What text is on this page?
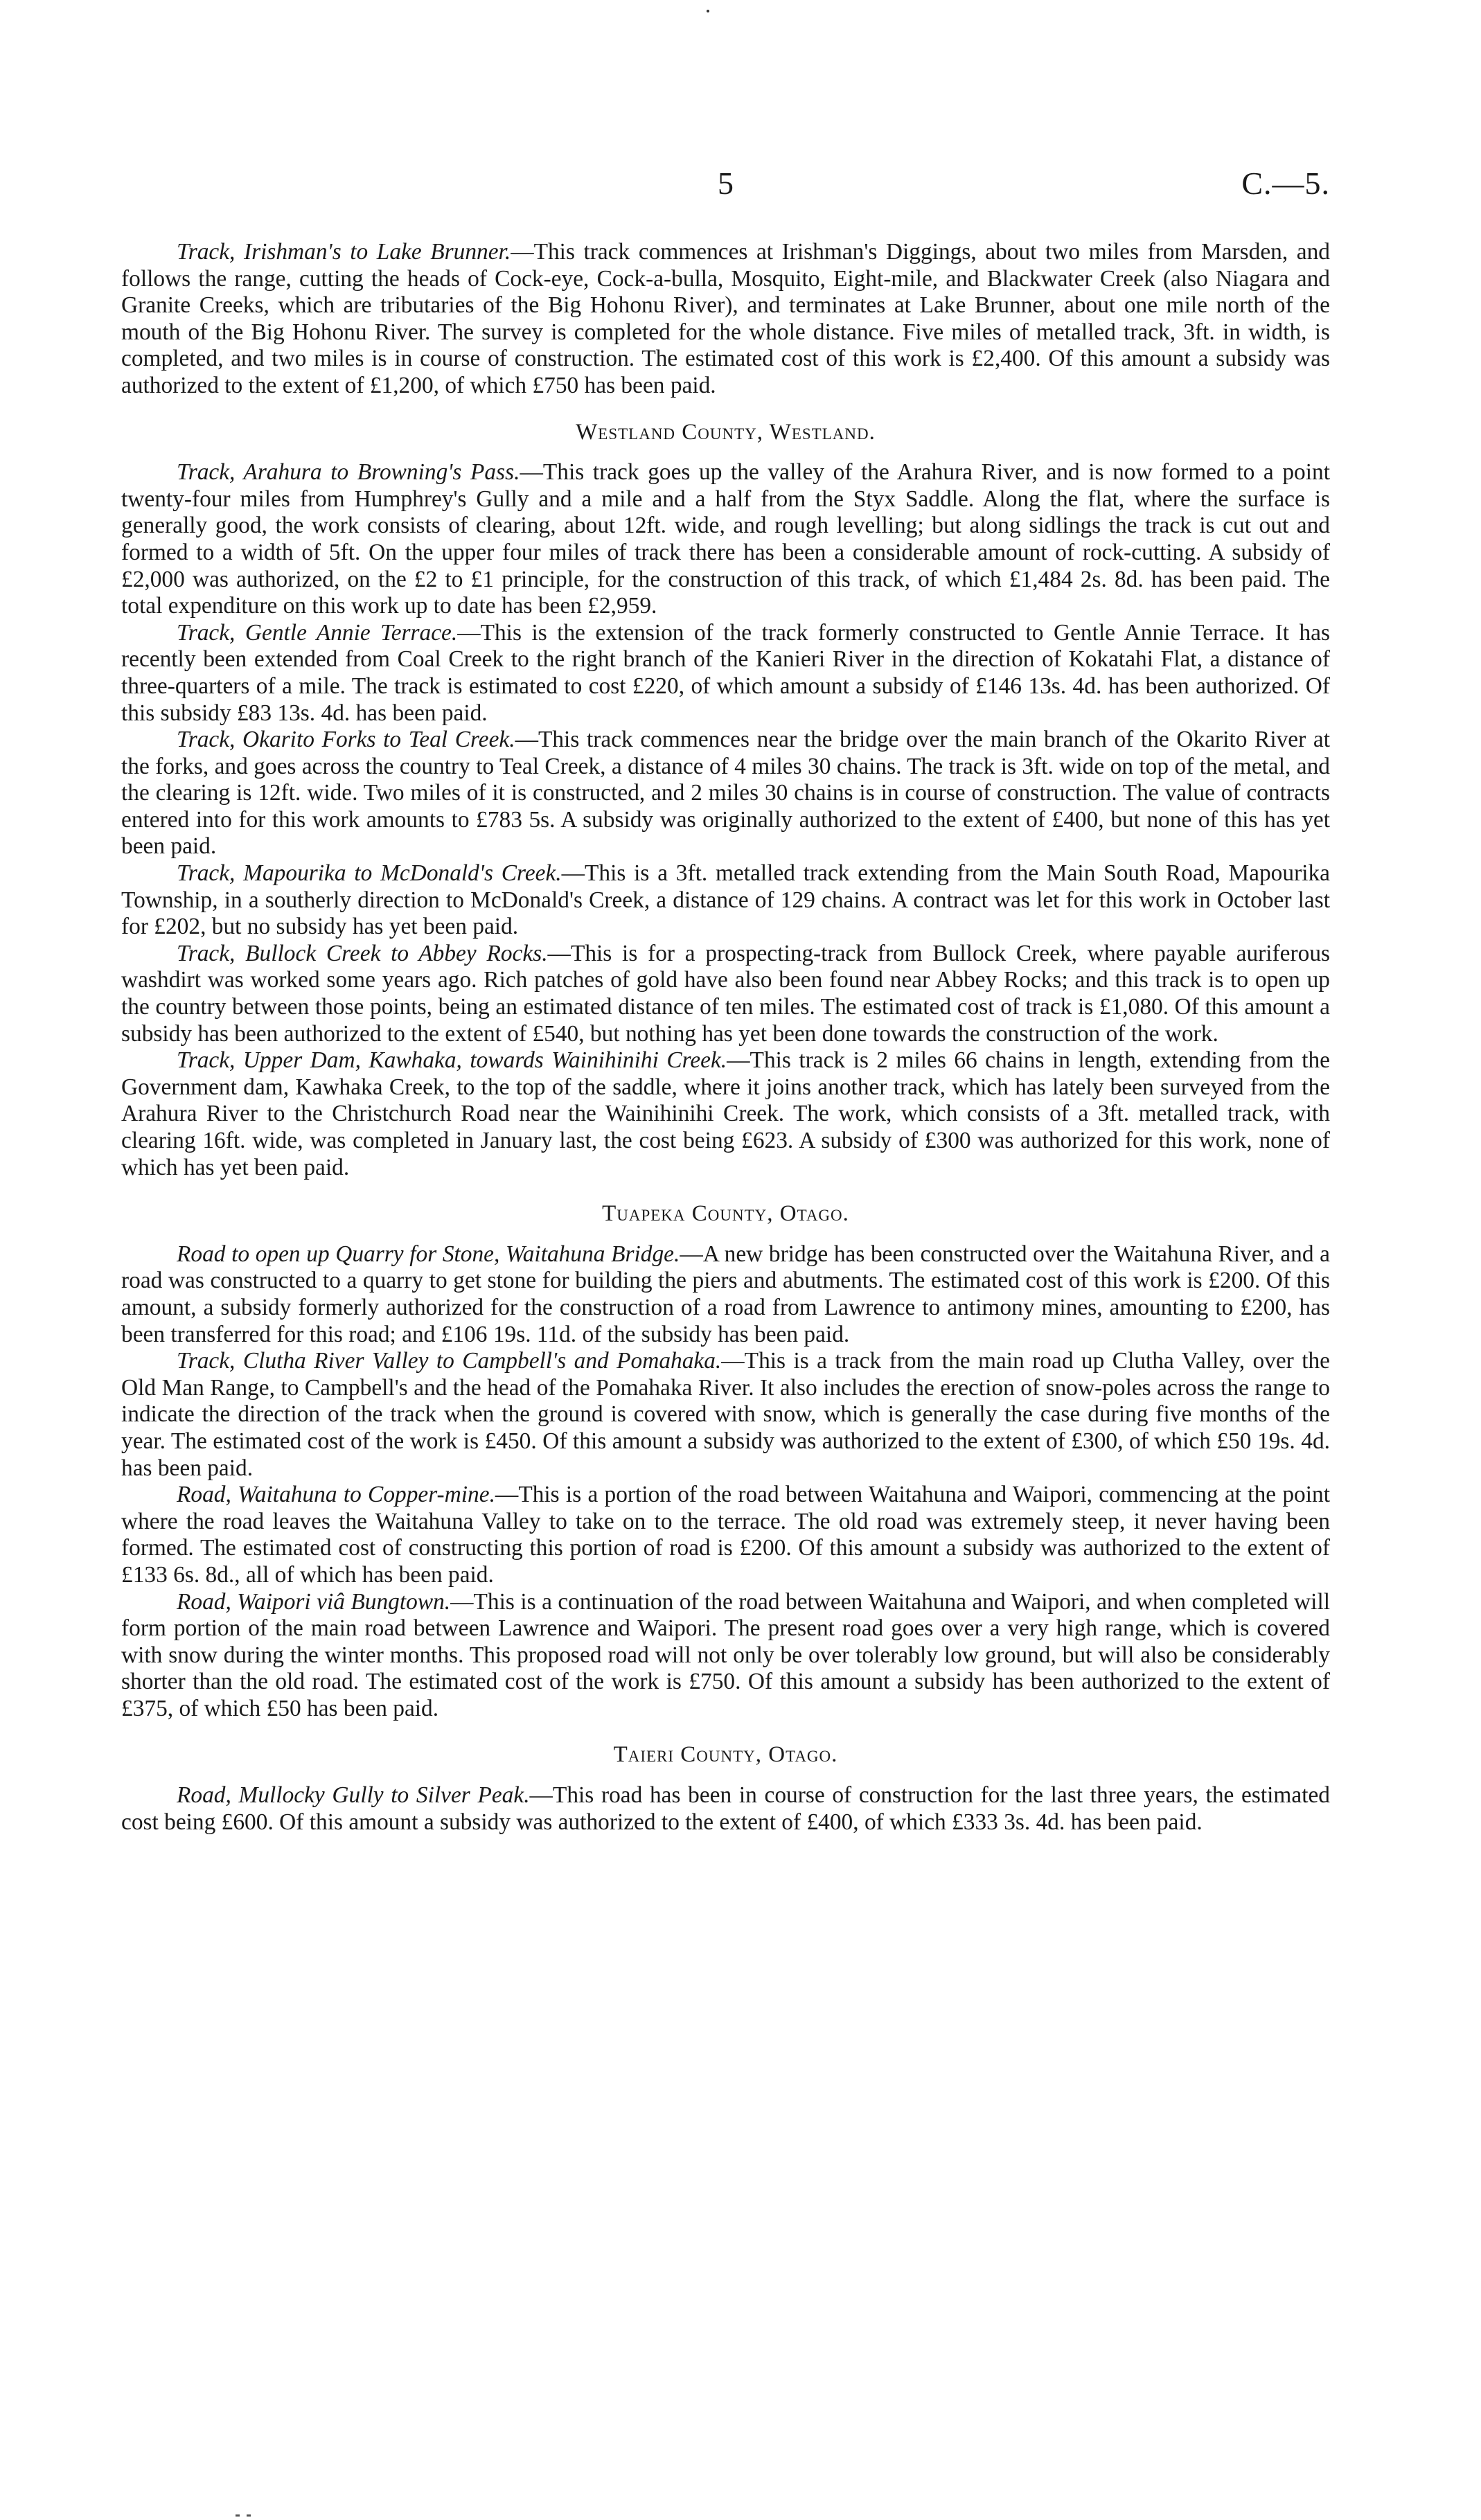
5	C.—5.

Track, Irishman's to Lake Brunner.—This track commences at Irishman's Diggings, about two miles from Marsden, and follows the range, cutting the heads of Cock-eye, Cock-a-bulla, Mosquito, Eight-mile, and Blackwater Creek (also Niagara and Granite Creeks, which are tributaries of the Big Hohonu River), and terminates at Lake Brunner, about one mile north of the mouth of the Big Hohonu River. The survey is completed for the whole distance. Five miles of metalled track, 3ft. in width, is completed, and two miles is in course of construction. The estimated cost of this work is £2,400. Of this amount a subsidy was authorized to the extent of £1,200, of which £750 has been paid.

Westland County, Westland.

Track, Arahura to Browning's Pass.—This track goes up the valley of the Arahura River, and is now formed to a point twenty-four miles from Humphrey's Gully and a mile and a half from the Styx Saddle. Along the flat, where the surface is generally good, the work consists of clearing, about 12ft. wide, and rough levelling; but along sidlings the track is cut out and formed to a width of 5ft. On the upper four miles of track there has been a considerable amount of rock-cutting. A subsidy of £2,000 was authorized, on the £2 to £1 principle, for the construction of this track, of which £1,484 2s. 8d. has been paid. The total expenditure on this work up to date has been £2,959.

Track, Gentle Annie Terrace.—This is the extension of the track formerly constructed to Gentle Annie Terrace. It has recently been extended from Coal Creek to the right branch of the Kanieri River in the direction of Kokatahi Flat, a distance of three-quarters of a mile. The track is estimated to cost £220, of which amount a subsidy of £146 13s. 4d. has been authorized. Of this subsidy £83 13s. 4d. has been paid.

Track, Okarito Forks to Teal Creek.—This track commences near the bridge over the main branch of the Okarito River at the forks, and goes across the country to Teal Creek, a distance of 4 miles 30 chains. The track is 3ft. wide on top of the metal, and the clearing is 12ft. wide. Two miles of it is constructed, and 2 miles 30 chains is in course of construction. The value of contracts entered into for this work amounts to £783 5s. A subsidy was originally authorized to the extent of £400, but none of this has yet been paid.

Track, Mapourika to McDonald's Creek.—This is a 3ft. metalled track extending from the Main South Road, Mapourika Township, in a southerly direction to McDonald's Creek, a distance of 129 chains. A contract was let for this work in October last for £202, but no subsidy has yet been paid.

Track, Bullock Creek to Abbey Rocks.—This is for a prospecting-track from Bullock Creek, where payable auriferous washdirt was worked some years ago. Rich patches of gold have also been found near Abbey Rocks; and this track is to open up the country between those points, being an estimated distance of ten miles. The estimated cost of track is £1,080. Of this amount a subsidy has been authorized to the extent of £540, but nothing has yet been done towards the construction of the work.

Track, Upper Dam, Kawhaka, towards Wainihinihi Creek.—This track is 2 miles 66 chains in length, extending from the Government dam, Kawhaka Creek, to the top of the saddle, where it joins another track, which has lately been surveyed from the Arahura River to the Christchurch Road near the Wainihinihi Creek. The work, which consists of a 3ft. metalled track, with clearing 16ft. wide, was completed in January last, the cost being £623. A subsidy of £300 was authorized for this work, none of which has yet been paid.

Tuapeka County, Otago.

Road to open up Quarry for Stone, Waitahuna Bridge.—A new bridge has been constructed over the Waitahuna River, and a road was constructed to a quarry to get stone for building the piers and abutments. The estimated cost of this work is £200. Of this amount, a subsidy formerly authorized for the construction of a road from Lawrence to antimony mines, amounting to £200, has been transferred for this road; and £106 19s. 11d. of the subsidy has been paid.

Track, Clutha River Valley to Campbell's and Pomahaka.—This is a track from the main road up Clutha Valley, over the Old Man Range, to Campbell's and the head of the Pomahaka River. It also includes the erection of snow-poles across the range to indicate the direction of the track when the ground is covered with snow, which is generally the case during five months of the year. The estimated cost of the work is £450. Of this amount a subsidy was authorized to the extent of £300, of which £50 19s. 4d. has been paid.

Road, Waitahuna to Copper-mine.—This is a portion of the road between Waitahuna and Waipori, commencing at the point where the road leaves the Waitahuna Valley to take on to the terrace. The old road was extremely steep, it never having been formed. The estimated cost of constructing this portion of road is £200. Of this amount a subsidy was authorized to the extent of £133 6s. 8d., all of which has been paid.

Road, Waipori viâ Bungtown.—This is a continuation of the road between Waitahuna and Waipori, and when completed will form portion of the main road between Lawrence and Waipori. The present road goes over a very high range, which is covered with snow during the winter months. This proposed road will not only be over tolerably low ground, but will also be considerably shorter than the old road. The estimated cost of the work is £750. Of this amount a subsidy has been authorized to the extent of £375, of which £50 has been paid.

Taieri County, Otago.

Road, Mullocky Gully to Silver Peak.—This road has been in course of construction for the last three years, the estimated cost being £600. Of this amount a subsidy was authorized to the extent of £400, of which £333 3s. 4d. has been paid.
